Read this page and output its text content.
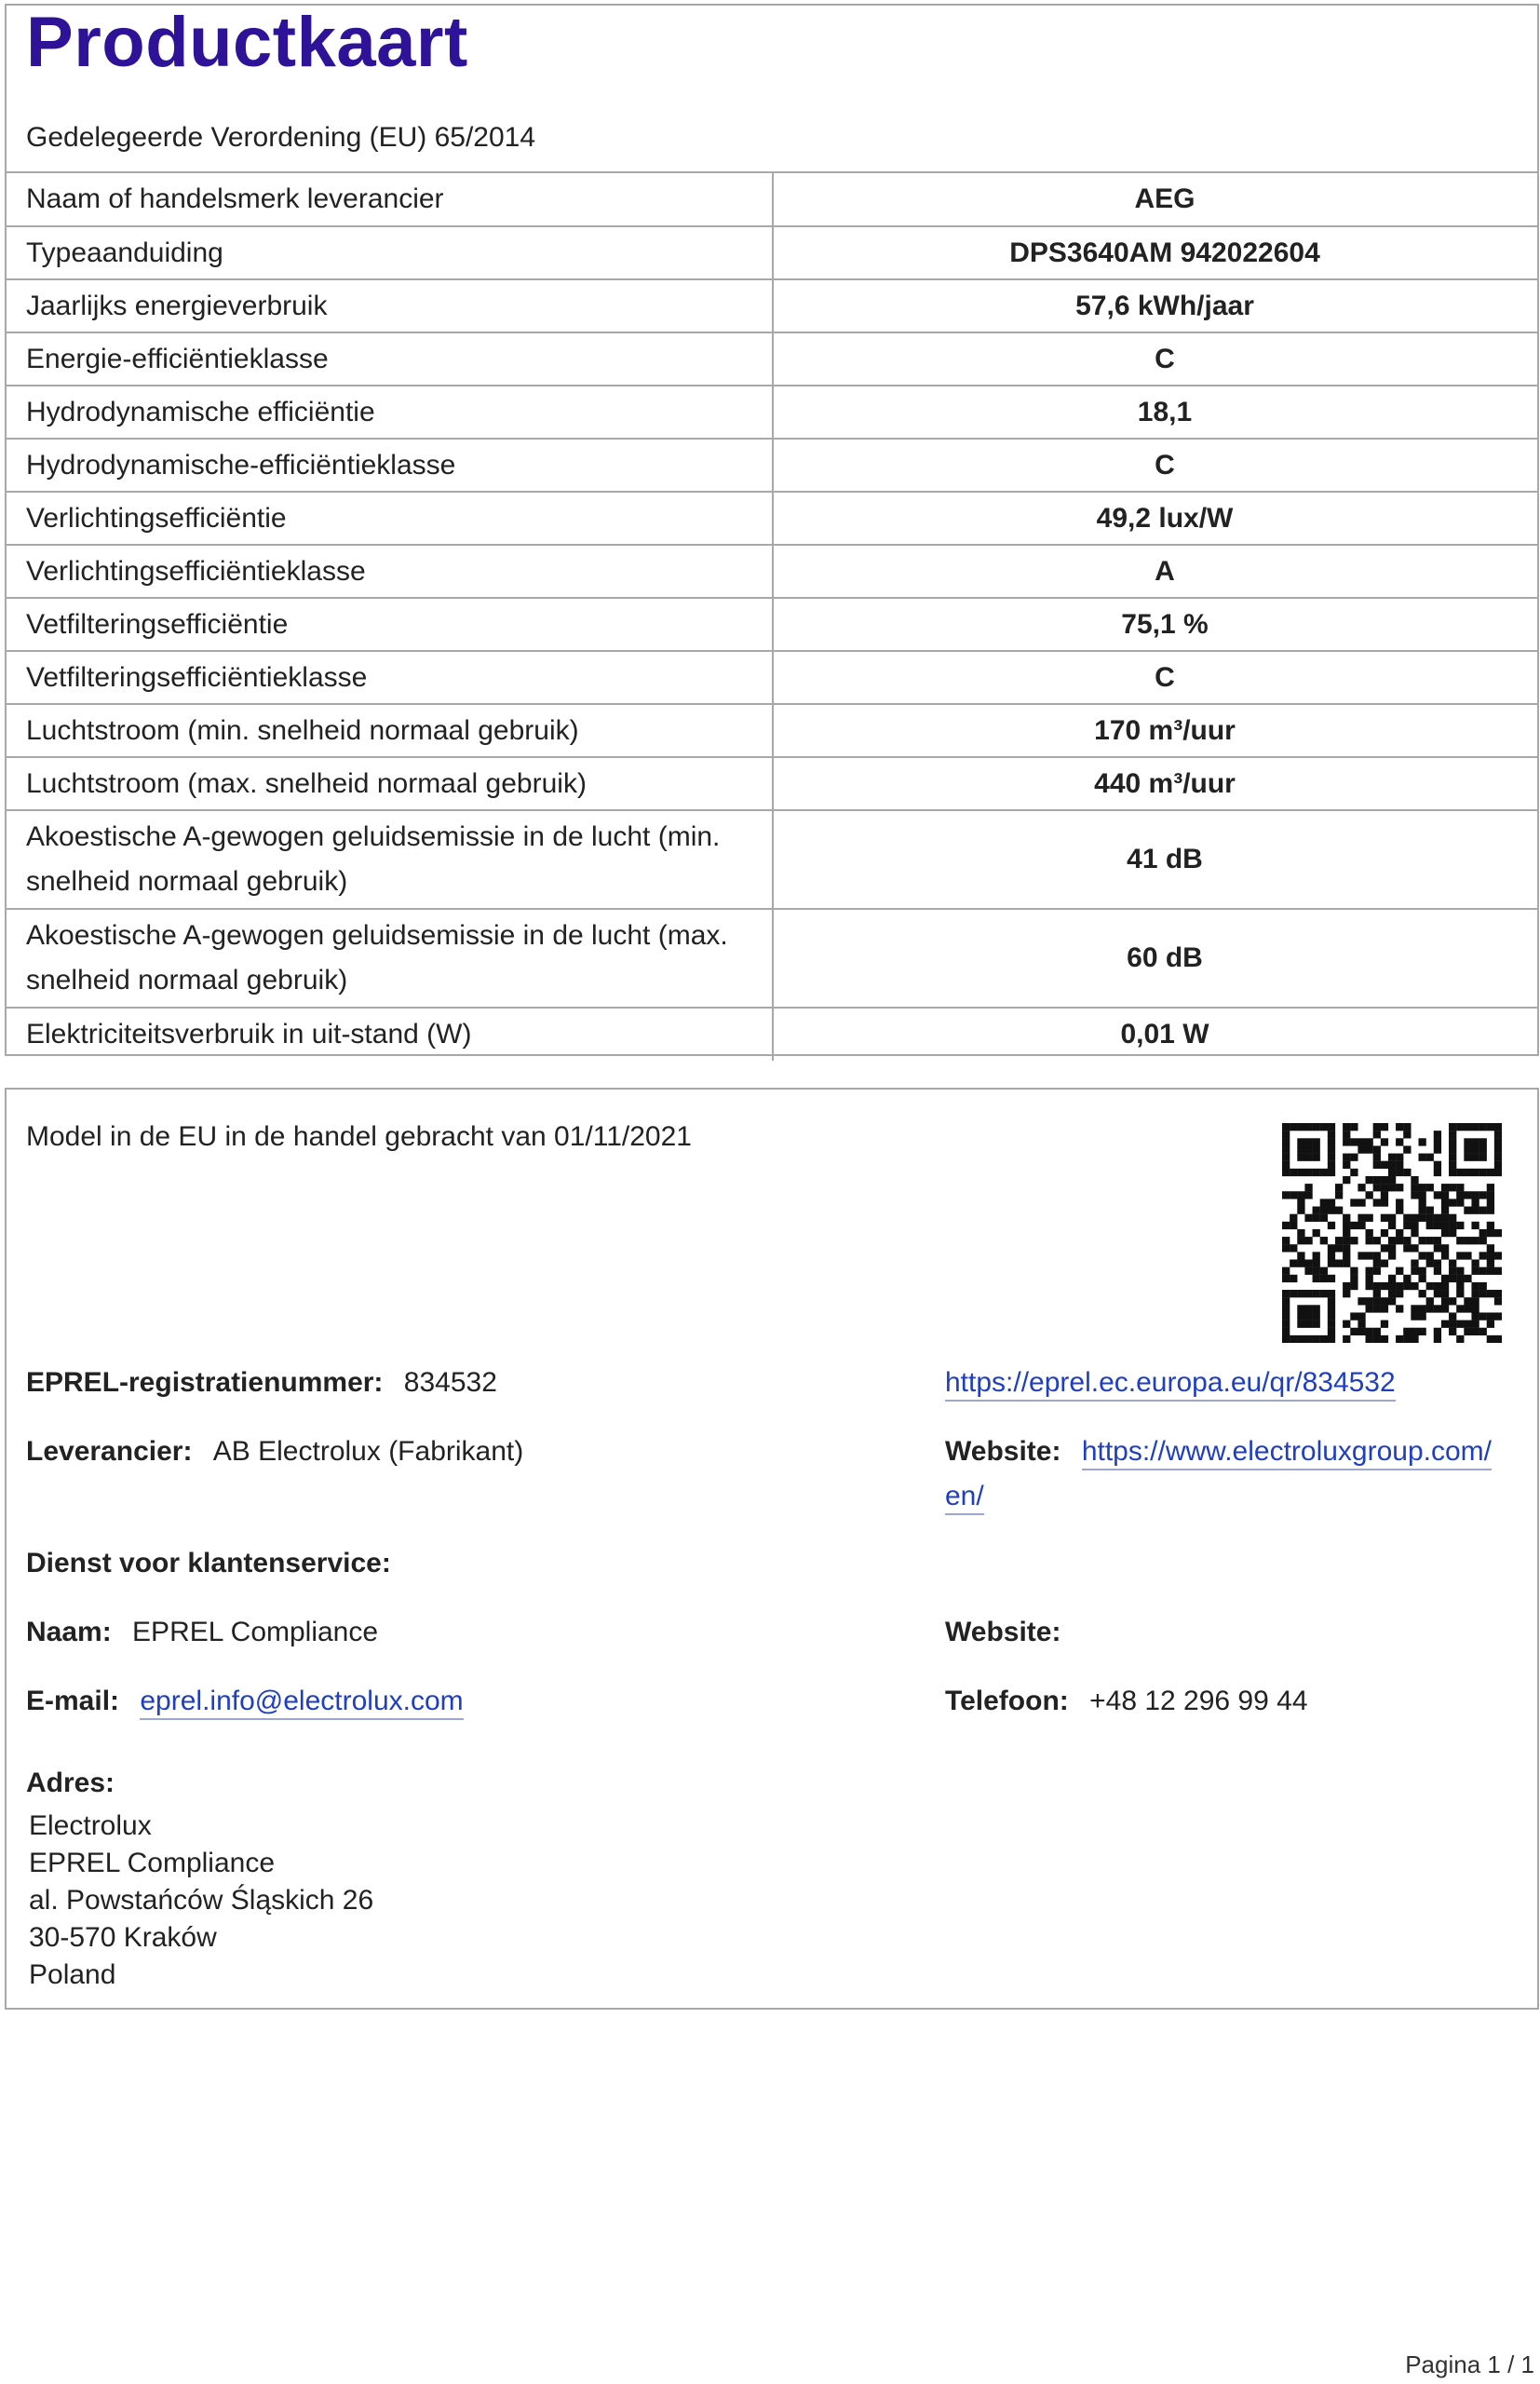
Productkaart
Gedelegeerde Verordening (EU) 65/2014
Naam of handelsmerk leverancier	AEG
Typeaanduiding	DPS3640AM 942022604
Jaarlijks energieverbruik	57,6 kWh/jaar
Energie-efficiëntieklasse	C
Hydrodynamische efficiëntie	18,1
Hydrodynamische-efficiëntieklasse	C
Verlichtingsefficiëntie	49,2 lux/W
Verlichtingsefficiëntieklasse	A
Vetfilteringsefficiëntie	75,1 %
Vetfilteringsefficiëntieklasse	C
Luchtstroom (min. snelheid normaal gebruik)	170 m³/uur
Luchtstroom (max. snelheid normaal gebruik)	440 m³/uur
Akoestische A-gewogen geluidsemissie in de lucht (min. snelheid normaal gebruik)	41 dB
Akoestische A-gewogen geluidsemissie in de lucht (max. snelheid normaal gebruik)	60 dB
Elektriciteitsverbruik in uit-stand (W)	0,01 W
Model in de EU in de handel gebracht van 01/11/2021
EPREL-registratienummer: 834532	https://eprel.ec.europa.eu/qr/834532
Leverancier: AB Electrolux (Fabrikant)	Website: https://www.electroluxgroup.com/
en/
Dienst voor klantenservice:
Naam: EPREL Compliance	Website:
E-mail: eprel.info@electrolux.com	Telefoon: +48 12 296 99 44
Adres:
Electrolux
EPREL Compliance
al. Powstańców Śląskich 26
30-570 Kraków
Poland
Pagina 1 / 1
